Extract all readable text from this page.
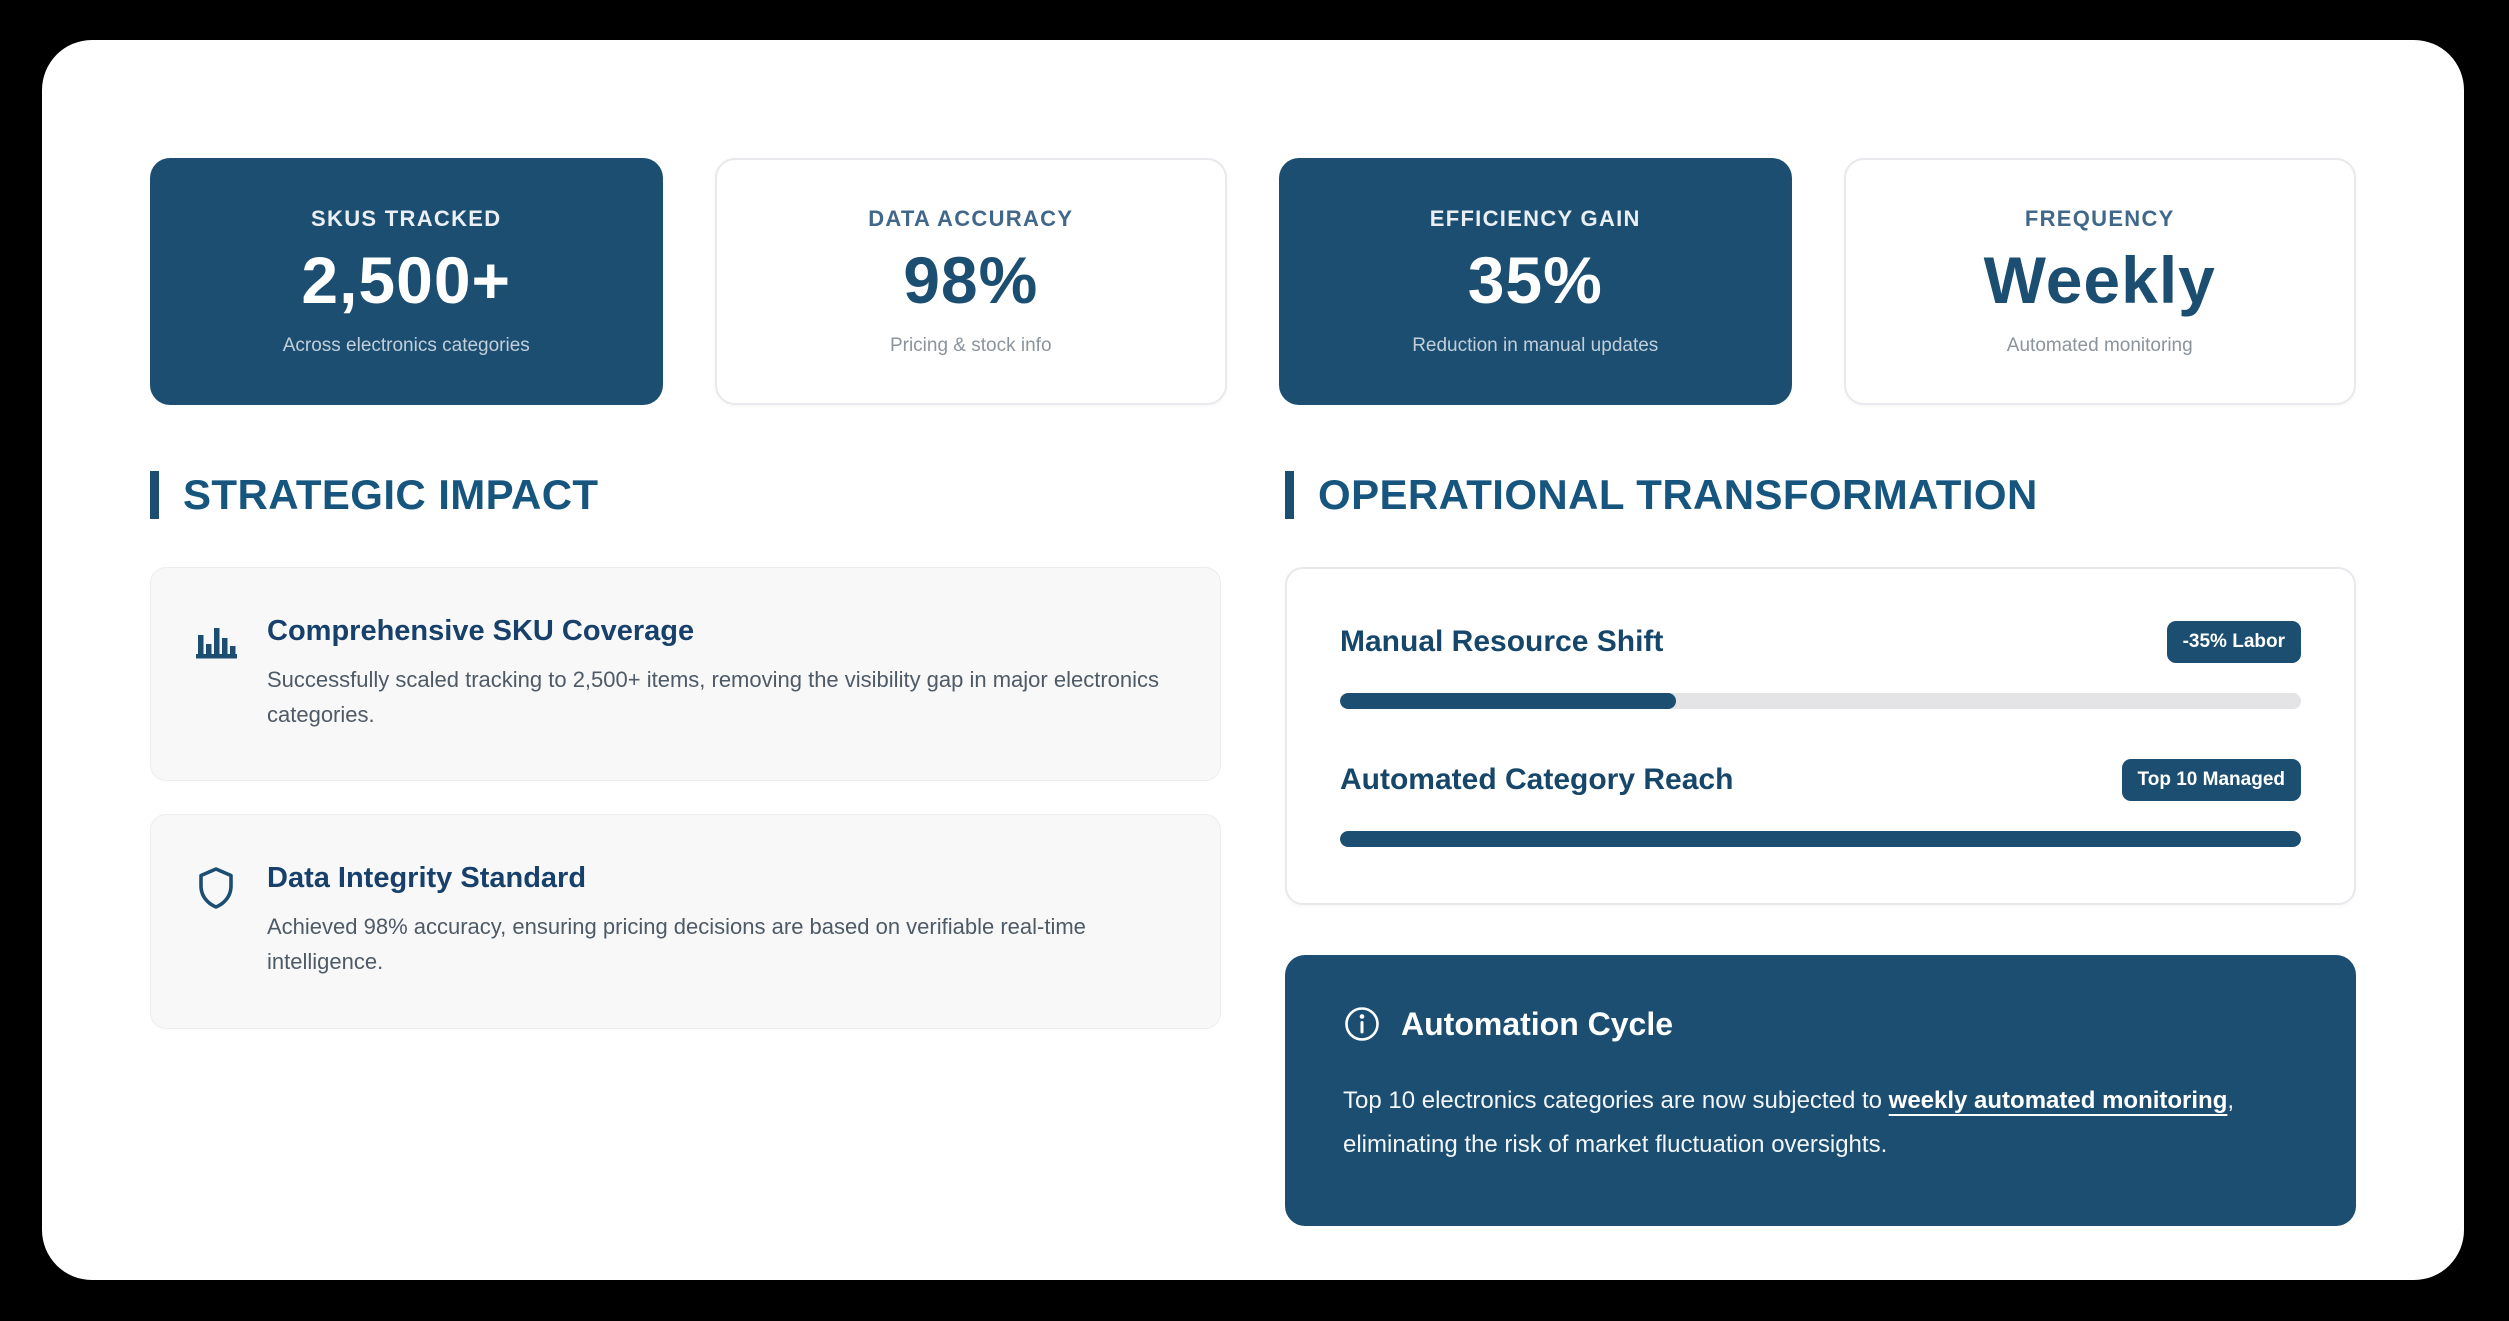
SKUS TRACKED
2,500+
Across electronics categories
DATA ACCURACY
98%
Pricing & stock info
EFFICIENCY GAIN
35%
Reduction in manual updates
FREQUENCY
Weekly
Automated monitoring
STRATEGIC IMPACT
Comprehensive SKU Coverage

Successfully scaled tracking to 2,500+ items, removing the visibility gap in major electronics categories.

Data Integrity Standard

Achieved 98% accuracy, ensuring pricing decisions are based on verifiable real-time intelligence.

OPERATIONAL TRANSFORMATION
Manual Resource Shift	-35% Labor
Automated Category Reach	Top 10 Managed
Automation Cycle

Top 10 electronics categories are now subjected to weekly automated monitoring, eliminating the risk of market fluctuation oversights.
